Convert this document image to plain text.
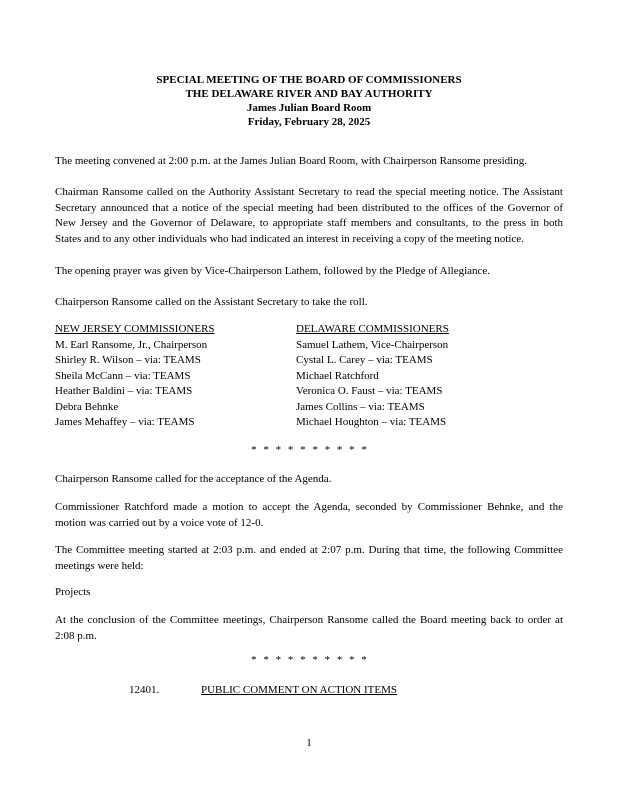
SPECIAL MEETING OF THE BOARD OF COMMISSIONERS
THE DELAWARE RIVER AND BAY AUTHORITY
James Julian Board Room
Friday, February 28, 2025
The meeting convened at 2:00 p.m. at the James Julian Board Room, with Chairperson Ransome presiding.
Chairman Ransome called on the Authority Assistant Secretary to read the special meeting notice. The Assistant Secretary announced that a notice of the special meeting had been distributed to the offices of the Governor of New Jersey and the Governor of Delaware, to appropriate staff members and consultants, to the press in both States and to any other individuals who had indicated an interest in receiving a copy of the meeting notice.
The opening prayer was given by Vice-Chairperson Lathem, followed by the Pledge of Allegiance.
Chairperson Ransome called on the Assistant Secretary to take the roll.
NEW JERSEY COMMISSIONERS
M. Earl Ransome, Jr., Chairperson
Shirley R. Wilson – via: TEAMS
Sheila McCann – via: TEAMS
Heather Baldini – via: TEAMS
Debra Behnke
James Mehaffey – via: TEAMS
DELAWARE COMMISSIONERS
Samuel Lathem, Vice-Chairperson
Cystal L. Carey – via: TEAMS
Michael Ratchford
Veronica O. Faust – via: TEAMS
James Collins – via: TEAMS
Michael Houghton – via: TEAMS
* * * * * * * * * *
Chairperson Ransome called for the acceptance of the Agenda.
Commissioner Ratchford made a motion to accept the Agenda, seconded by Commissioner Behnke, and the motion was carried out by a voice vote of 12-0.
The Committee meeting started at 2:03 p.m. and ended at 2:07 p.m. During that time, the following Committee meetings were held:
Projects
At the conclusion of the Committee meetings, Chairperson Ransome called the Board meeting back to order at 2:08 p.m.
* * * * * * * * * *
12401.	PUBLIC COMMENT ON ACTION ITEMS
1
